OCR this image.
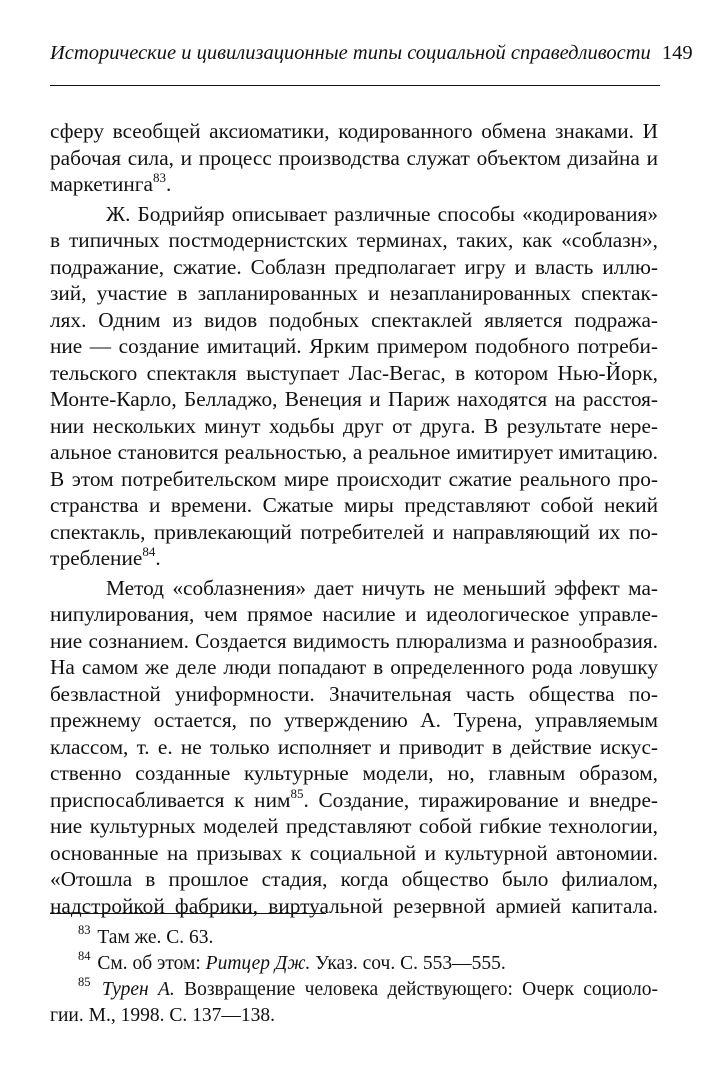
Исторические и цивилизационные типы социальной справедливости 149
сферу всеобщей аксиоматики, кодированного обмена знаками. И
рабочая сила, и процесс производства служат объектом дизайна и
маркетинга$^{83}$.
Ж. Бодрийяр описывает различные способы «кодирования»
в типичных постмодернистских терминах, таких, как «соблазн»,
подражание, сжатие. Соблазн предполагает игру и власть иллю-
зий, участие в запланированных и незапланированных спектак-
лях. Одним из видов подобных спектаклей является подража-
ние — создание имитаций. Ярким примером подобного потреби-
тельского спектакля выступает Лас-Вегас, в котором Нью-Йорк,
Монте-Карло, Белладжо, Венеция и Париж находятся на расстоя-
нии нескольких минут ходьбы друг от друга. В результате нере-
альное становится реальностью, а реальное имитирует имитацию.
В этом потребительском мире происходит сжатие реального про-
странства и времени. Сжатые миры представляют собой некий
спектакль, привлекающий потребителей и направляющий их по-
требление$^{84}$.
Метод «соблазнения» дает ничуть не меньший эффект ма-
нипулирования, чем прямое насилие и идеологическое управле-
ние сознанием. Создается видимость плюрализма и разнообразия.
На самом же деле люди попадают в определенного рода ловушку
безвластной униформности. Значительная часть общества по-
прежнему остается, по утверждению А. Турена, управляемым
классом, т. е. не только исполняет и приводит в действие искус-
ственно созданные культурные модели, но, главным образом,
приспосабливается к ним$^{85}$. Создание, тиражирование и внедре-
ние культурных моделей представляют собой гибкие технологии,
основанные на призывах к социальной и культурной автономии.
«Отошла в прошлое стадия, когда общество было филиалом,
надстройкой фабрики, виртуальной резервной армией капитала.
$^{83}$ Там же. С. 63.
$^{84}$ См. об этом: Ритцер Дж. Указ. соч. С. 553—555.
$^{85}$ Турен А. Возвращение человека действующего: Очерк социоло-
гии. М., 1998. С. 137—138.
